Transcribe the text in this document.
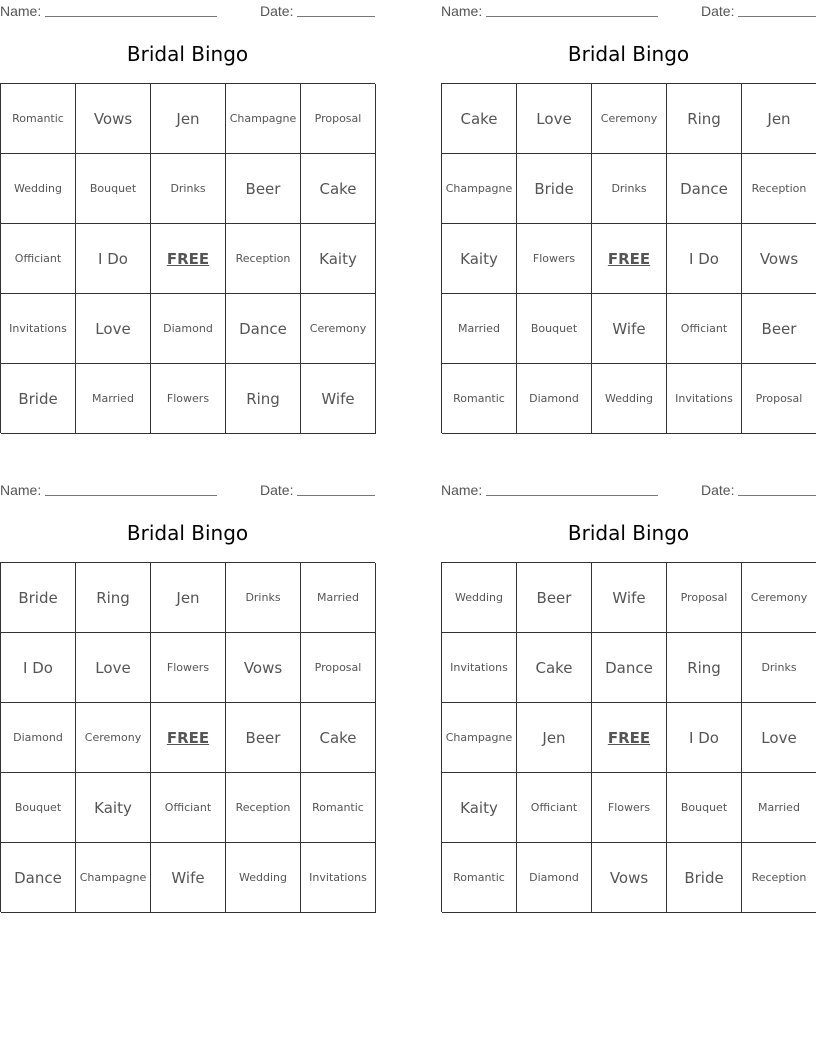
Name:	Date:
Bridal Bingo
Romantic	Vows	Jen	Champagne	Proposal
Wedding	Bouquet	Drinks	Beer	Cake
Officiant	I Do	FREE	Reception	Kaity
Invitations	Love	Diamond	Dance	Ceremony
Bride	Married	Flowers	Ring	Wife
Name:	Date:
Bridal Bingo
Cake	Love	Ceremony	Ring	Jen
Champagne	Bride	Drinks	Dance	Reception
Kaity	Flowers	FREE	I Do	Vows
Married	Bouquet	Wife	Officiant	Beer
Romantic	Diamond	Wedding	Invitations	Proposal
Name:	Date:
Bridal Bingo
Bride	Ring	Jen	Drinks	Married
I Do	Love	Flowers	Vows	Proposal
Diamond	Ceremony	FREE	Beer	Cake
Bouquet	Kaity	Officiant	Reception	Romantic
Dance	Champagne	Wife	Wedding	Invitations
Name:	Date:
Bridal Bingo
Wedding	Beer	Wife	Proposal	Ceremony
Invitations	Cake	Dance	Ring	Drinks
Champagne	Jen	FREE	I Do	Love
Kaity	Officiant	Flowers	Bouquet	Married
Romantic	Diamond	Vows	Bride	Reception
